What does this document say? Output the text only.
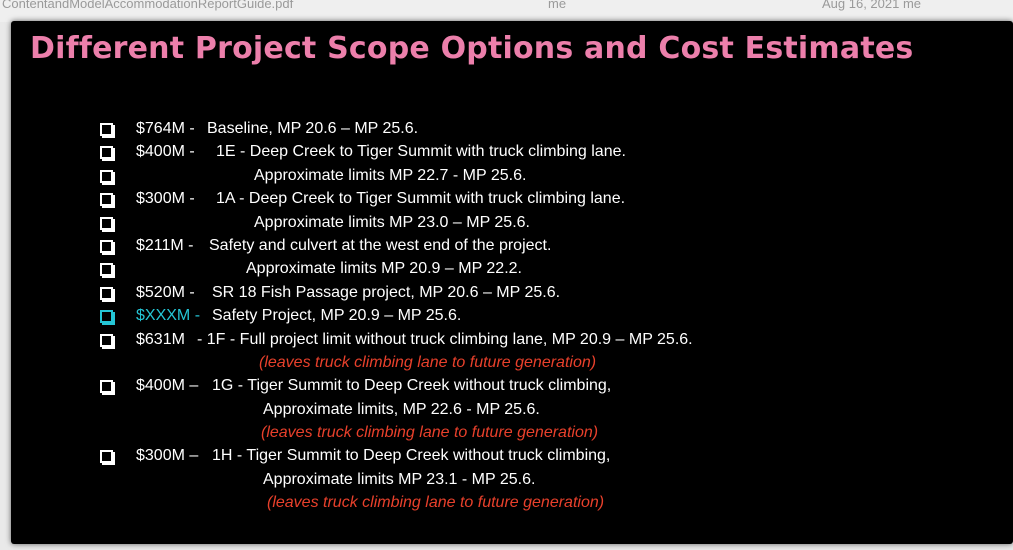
ContentandModelAccommodationReportGuide.pdf	me	Aug 16, 2021 me
Different Project Scope Options and Cost Estimates
$764M - Baseline, MP 20.6 – MP 25.6.
$400M - 1E - Deep Creek to Tiger Summit with truck climbing lane.
Approximate limits MP 22.7 - MP 25.6.
$300M - 1A - Deep Creek to Tiger Summit with truck climbing lane.
Approximate limits MP 23.0 – MP 25.6.
$211M - Safety and culvert at the west end of the project.
Approximate limits MP 20.9 – MP 22.2.
$520M - SR 18 Fish Passage project, MP 20.6 – MP 25.6.
$XXXM - Safety Project, MP 20.9 – MP 25.6.
$631M - 1F - Full project limit without truck climbing lane, MP 20.9 – MP 25.6.
(leaves truck climbing lane to future generation)
$400M – 1G - Tiger Summit to Deep Creek without truck climbing,
Approximate limits, MP 22.6 - MP 25.6.
(leaves truck climbing lane to future generation)
$300M – 1H - Tiger Summit to Deep Creek without truck climbing,
Approximate limits MP 23.1 - MP 25.6.
(leaves truck climbing lane to future generation)
